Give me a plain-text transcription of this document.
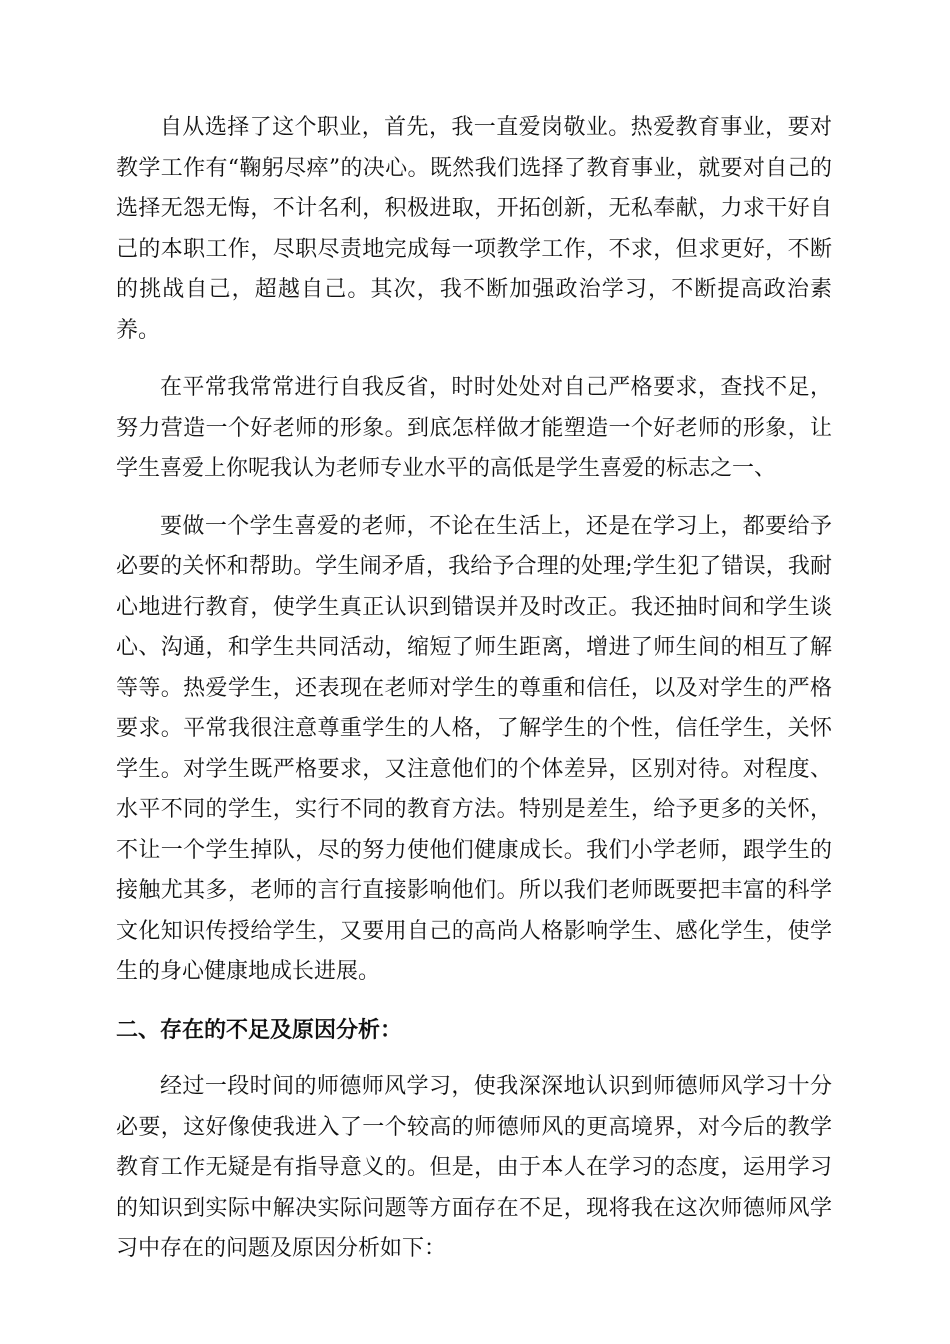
自从选择了这个职业，首先，我一直爱岗敬业。热爱教育事业，要对教学工作有“鞠躬尽瘁”的决心。既然我们选择了教育事业，就要对自己的选择无怨无悔，不计名利，积极进取，开拓创新，无私奉献，力求干好自己的本职工作，尽职尽责地完成每一项教学工作，不求，但求更好，不断的挑战自己，超越自己。其次，我不断加强政治学习，不断提高政治素养。

在平常我常常进行自我反省，时时处处对自己严格要求，查找不足，努力营造一个好老师的形象。到底怎样做才能塑造一个好老师的形象，让学生喜爱上你呢我认为老师专业水平的高低是学生喜爱的标志之一、

要做一个学生喜爱的老师，不论在生活上，还是在学习上，都要给予必要的关怀和帮助。学生闹矛盾，我给予合理的处理;学生犯了错误，我耐心地进行教育，使学生真正认识到错误并及时改正。我还抽时间和学生谈心、沟通，和学生共同活动，缩短了师生距离，增进了师生间的相互了解等等。热爱学生，还表现在老师对学生的尊重和信任，以及对学生的严格要求。平常我很注意尊重学生的人格，了解学生的个性，信任学生，关怀学生。对学生既严格要求，又注意他们的个体差异，区别对待。对程度、水平不同的学生，实行不同的教育方法。特别是差生，给予更多的关怀，不让一个学生掉队，尽的努力使他们健康成长。我们小学老师，跟学生的接触尤其多，老师的言行直接影响他们。所以我们老师既要把丰富的科学文化知识传授给学生，又要用自己的高尚人格影响学生、感化学生，使学生的身心健康地成长进展。

二、存在的不足及原因分析：

经过一段时间的师德师风学习，使我深深地认识到师德师风学习十分必要，这好像使我进入了一个较高的师德师风的更高境界，对今后的教学教育工作无疑是有指导意义的。但是，由于本人在学习的态度，运用学习的知识到实际中解决实际问题等方面存在不足，现将我在这次师德师风学习中存在的问题及原因分析如下：
